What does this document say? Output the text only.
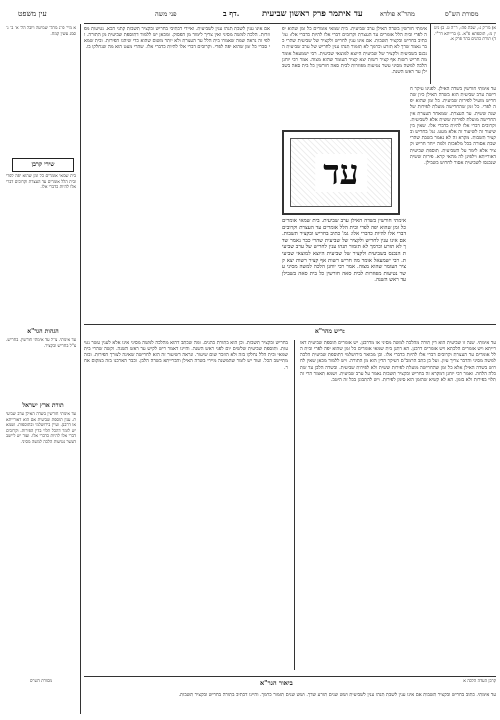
עין משפט	דף ב.
פני משה	עד איתמר פרק ראשון שביעית	מהר"א פולדא	מסורת הש"ס
א מיי' פ"ג מהל' שמיטה ויובל הל' א' ב' ג' סמג עשין קמח.
שירי קרבן
בית שמאי אומרים כל זמן שהוא יפה לפרי ובית הלל אומרים עד העצרת וקרובים דברי אלו להיות כדברי אלו.
הגהות הגר"א
עד אימתי. צ"ל עד אימתי חורשין. בחריש. צ"ל בחריש ובקציר.
תורת ארץ ישראל
עד אימתי חורשין בשדה האילן ערב שביעית. ענין תוספת שביעית אם הוא דאורייתא או דרבנן. ועיין בירושלמי ובתוספות. ושמא יש לומר דהכל תלוי בדין הפירות. וקרובים דברי אלו להיות כדברי אלו. ועוד יש ליישב דעשר נטיעות הלכה למשה מסיני.
א) מו"ק ג:, שבת פה:, ר"ה ט. ב) גיטין מ:, תוספתא פ"א. ג) ברייתא דר"י. ד) תורת כהנים בהר פרק א.
אם אינו ענין לשבת תנהו ענין לשביעית. ואיידי דכתיבי בחריש ובקציר תשבות קתני הכא. נטיעות מפוזרות. הלכה למשה מסיני ואין צריך לימוד מן הפסוק. ומכאן יש ללמוד דתוספת שביעית מן התורה. ולפי זה נראה שמה שאמרו בית הלל עד העצרת ולא יותר משום שהוא כדי שיהנו הפירות. ובית שמאי סברי כל זמן שהוא יפה לפרי. וקרובים דברי אלו להיות כדברי אלו. שהרי מעט הוא מה שנחלקו בו.
עד אימתי חורשין בשדה האילן. לפנינו עיקר חרישה ערב שביעית הוא בשדה האילן כיון שהחריש מועיל לפירות שביעית. כל זמן שהוא יפה לפרי. כל זמן שהחרישה מועלת לפירות של שנה ששית. עד העצרת. שמאחר העצרת אין החרישה מועלת לפירות ששית אלא לשביעית. וקרובים דברי אלו להיות כדברי אלו. שאין בין שיעור זה לשיעור זה אלא מעט. גמ' בחריש ובקציר תשבות. מקרא זה לא נאמר בשבת שהרי שבת אסורה בכל מלאכות ולמה ייחד חריש וקציר אלא לימד על השביעית. תוספת שביעית דאורייתא וילפינן לה מהאי קרא. פירות ששית שנכנסו לשביעית אסור לחרוש בשבילן.
אימתי חורשין בשדה האילן ערב שביעית. בית שמאי אומרים כל זמן שהוא יפה לפרי ובית הלל אומרים עד העצרת וקרובים דברי אלו להיות כדברי אלו: גמ' כתיב בחריש ובקציר תשבות. אם אינו ענין לחריש ולקציר של שביעית שהרי כבר נאמר שדך לא תזרע וכרמך לא תזמור תנהו ענין לחריש של ערב שביעית הנכנס בשביעית ולקציר של שביעית היוצא למוצאי שביעית. רבי ישמעאל אומר מה חריש רשות אף קציר רשות יצא קציר העומר שהוא מצוה. אמר רבי יוחנן הלכה למשה מסיני עשר נטיעות מפוזרות לבית סאה חורשין כל בית סאה בשבילן עד ראש השנה.
עד
אימתי חורשין בשדה האילן ערב שביעית. בית שמאי אומרים כל זמן שהוא יפה לפרי ובית הלל אומרים עד העצרת וקרובים דברי אלו להיות כדברי אלו: גמ' כתיב בחריש ובקציר תשבות. אם אינו ענין לחריש ולקציר של שביעית שהרי כבר נאמר שדך לא תזרע וכרמך לא תזמור תנהו ענין לחריש של ערב שביעית הנכנס בשביעית ולקציר של שביעית היוצא למוצאי שביעית. רבי ישמעאל אומר מה חריש רשות אף קציר רשות יצא קציר העומר שהוא מצוה. אמר רבי יוחנן הלכה למשה מסיני עשר נטיעות מפוזרות לבית סאה חורשין כל בית סאה בשבילן עד ראש השנה.
ריש מהר"א:
עד אימתי. שנה זו שביעית הוא דין תורה מהלכה למשה מסיני או מדרבנן. יש אומרים תוספת שביעית דאורייתא ויש אומרים הלכתא ויש אומרים דרבנן. הא דתנן בית שמאי אומרים כל זמן שהוא יפה לפרי ובית הלל אומרים עד העצרת וקרובים דברי אלו להיות כדברי אלו. וכן מבואר בירושלמי דתוספת שביעית הלכה למשה מסיני והדבר צריך עיון. ועל כן כתב הרמב"ם דעיקר הדין הוא מן התורה. ויש ללמוד מכאן שאין לחרוש בשדה האילן אלא כל זמן שהחרישה מועלת לפירות ששית ולא לפירות שביעית. ובשדה הלבן עד שתכלה הלחה. ואמר רבי יוחנן דמקרא זה בחריש ובקציר תשבות נאמר על ערב שביעית. ושמא תאמר הרי זה תלוי בפירות ולא בזמן. הא לא קשיא שהזמן הוא סימן לפירות. ויש להתבונן בכל זה היטב.
בחריש ובקציר תשבות. וכן הוא בתורת כהנים. ומה שכתב דהוא מהלכה למשה מסיני אינו אלא לענין עשר נטיעות. ותוספת שביעית שלשים יום לפני ראש השנה. והיינו דאמר ריש לקיש עד ראש השנה. וקשה שהרי בית שמאי ובית הלל נחלקו בזה ולא הוזכר שום שיעור. ונראה דשיעור זה הוא לחרישה שאינה לצורך הפירות. ובזה מתיישב הכל. ועוד יש לומר שהמשנה מיירי בשדה האילן והברייתא בשדה הלבן. וכבר הארכנו בזה במקום אחר.
ביאור הגר"א
עד אימתי. כתוב בחריש ובקציר תשבות אם אינו ענין לשבת תנהו ענין לשביעית ושש שנים תזרע שדך. ושש שנים תזמור כרמך. והיינו דכתיב בתורה בחריש ובקציר תשבות.
קרבן העדה הלכה א
מסורת הש"ס
